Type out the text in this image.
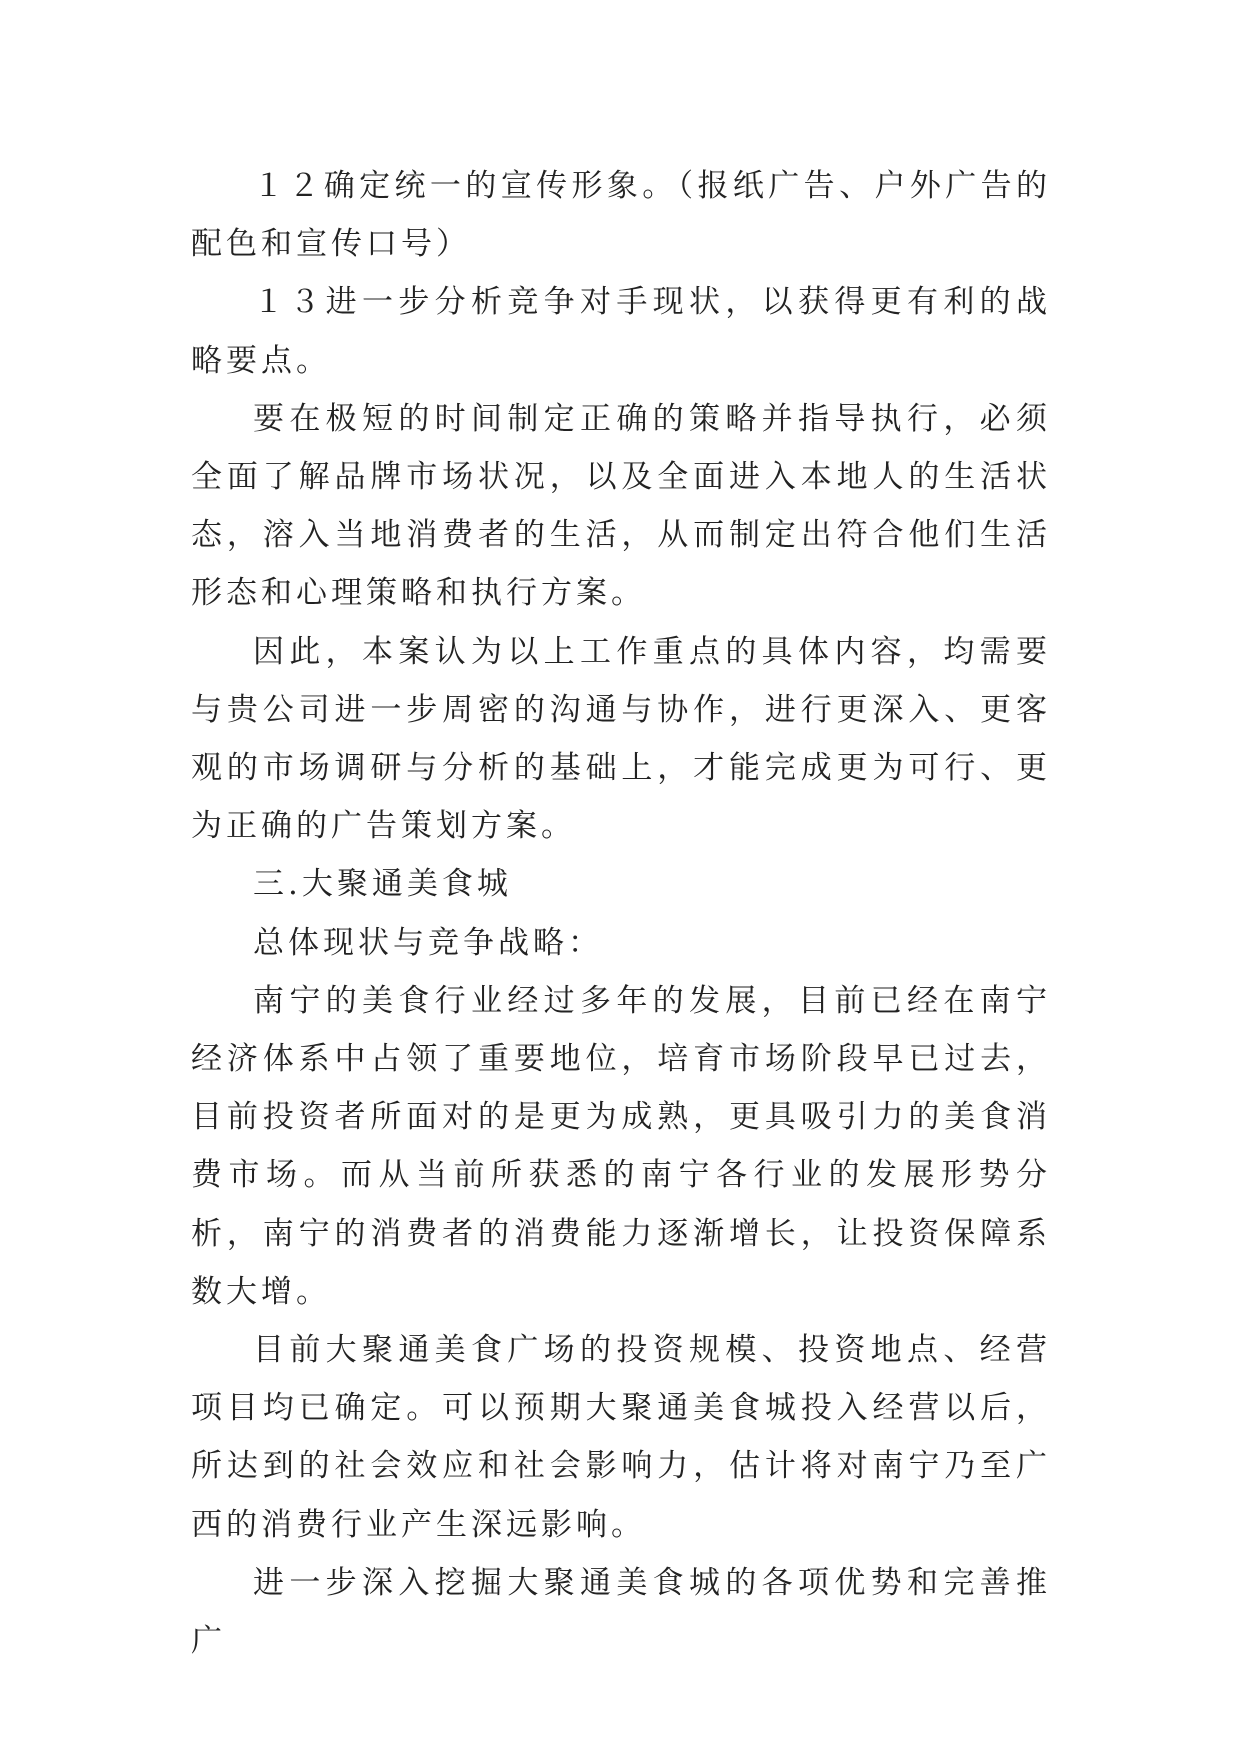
１２确定统一的宣传形象。（报纸广告、户外广告的配色和宣传口号）

１３进一步分析竞争对手现状，以获得更有利的战略要点。

要在极短的时间制定正确的策略并指导执行，必须全面了解品牌市场状况，以及全面进入本地人的生活状态，溶入当地消费者的生活，从而制定出符合他们生活形态和心理策略和执行方案。

因此，本案认为以上工作重点的具体内容，均需要与贵公司进一步周密的沟通与协作，进行更深入、更客观的市场调研与分析的基础上，才能完成更为可行、更为正确的广告策划方案。

三.大聚通美食城

总体现状与竞争战略：

南宁的美食行业经过多年的发展，目前已经在南宁经济体系中占领了重要地位，培育市场阶段早已过去，目前投资者所面对的是更为成熟，更具吸引力的美食消费市场。而从当前所获悉的南宁各行业的发展形势分析，南宁的消费者的消费能力逐渐增长，让投资保障系数大增。

目前大聚通美食广场的投资规模、投资地点、经营项目均已确定。可以预期大聚通美食城投入经营以后，所达到的社会效应和社会影响力，估计将对南宁乃至广西的消费行业产生深远影响。

进一步深入挖掘大聚通美食城的各项优势和完善推广
